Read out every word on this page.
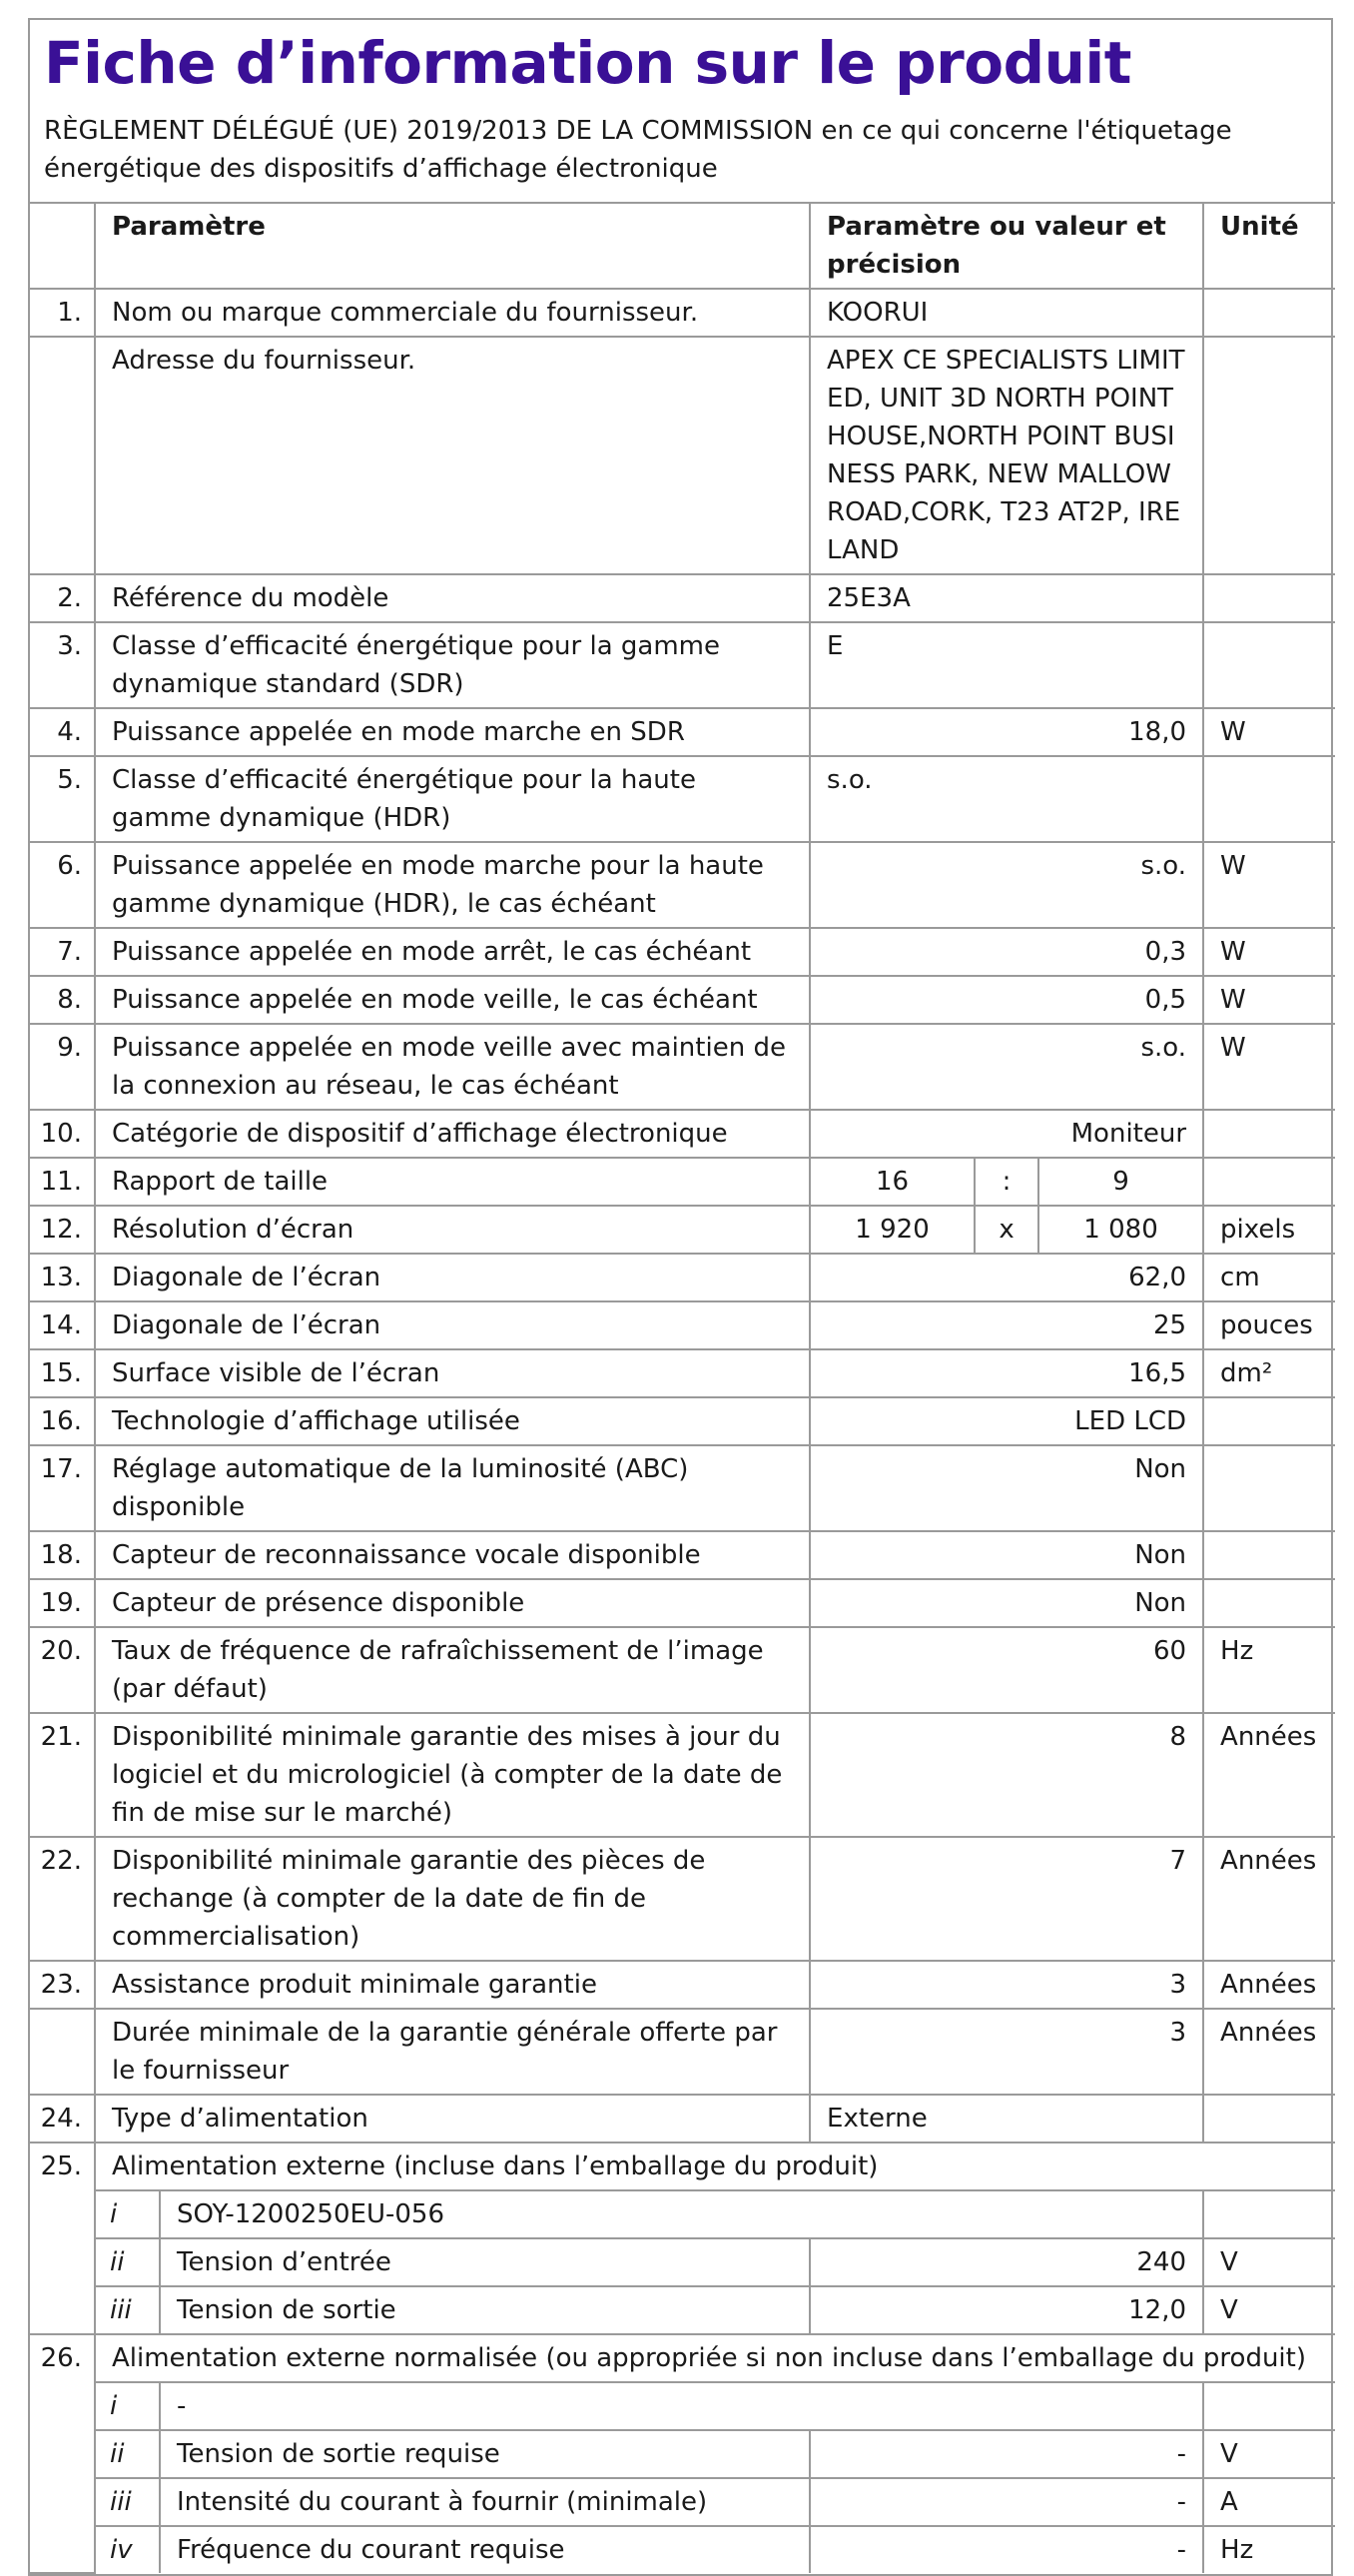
Fiche d’information sur le produit
RÈGLEMENT DÉLÉGUÉ (UE) 2019/2013 DE LA COMMISSION en ce qui concerne l'étiquetage énergétique des dispositifs d’affichage électronique
	Paramètre		Paramètre ou valeur et précision			Unité
1.	Nom ou marque commerciale du fournisseur.		KOORUI			
	Adresse du fournisseur.		APEX CE SPECIALISTS LIMITED, UNIT 3D NORTH POINT HOUSE,NORTH POINT BUSINESS PARK, NEW MALLOW ROAD,CORK, T23 AT2P, IRELAND			
2.	Référence du modèle		25E3A			
3.	Classe d’efficacité énergétique pour la gamme dynamique standard (SDR)		E			
4.	Puissance appelée en mode marche en SDR		18,0			W
5.	Classe d’efficacité énergétique pour la haute gamme dynamique (HDR)		s.o.			
6.	Puissance appelée en mode marche pour la haute gamme dynamique (HDR), le cas échéant		s.o.			W
7.	Puissance appelée en mode arrêt, le cas échéant		0,3			W
8.	Puissance appelée en mode veille, le cas échéant		0,5			W
9.	Puissance appelée en mode veille avec maintien de la connexion au réseau, le cas échéant		s.o.			W
10.	Catégorie de dispositif d’affichage électronique		Moniteur			
11.	Rapport de taille		16	:	9	
12.	Résolution d’écran		1 920	x	1 080	pixels
13.	Diagonale de l’écran		62,0			cm
14.	Diagonale de l’écran		25			pouces
15.	Surface visible de l’écran		16,5			dm²
16.	Technologie d’affichage utilisée		LED LCD			
17.	Réglage automatique de la luminosité (ABC) disponible		Non			
18.	Capteur de reconnaissance vocale disponible		Non			
19.	Capteur de présence disponible		Non			
20.	Taux de fréquence de rafraîchissement de l’image (par défaut)		60			Hz
21.	Disponibilité minimale garantie des mises à jour du logiciel et du micrologiciel (à compter de la date de fin de mise sur le marché)		8			Années
22.	Disponibilité minimale garantie des pièces de rechange (à compter de la date de fin de commercialisation)		7			Années
23.	Assistance produit minimale garantie		3			Années
	Durée minimale de la garantie générale offerte par le fournisseur		3			Années
24.	Type d’alimentation		Externe			
25.	Alimentation externe (incluse dans l’emballage du produit)					
	i	SOY-1200250EU-056				
	ii	Tension d’entrée	240			V
	iii	Tension de sortie	12,0			V
26.	Alimentation externe normalisée (ou appropriée si non incluse dans l’emballage du produit)					
	i	-				
	ii	Tension de sortie requise	-			V
	iii	Intensité du courant à fournir (minimale)	-			A
	iv	Fréquence du courant requise	-			Hz
